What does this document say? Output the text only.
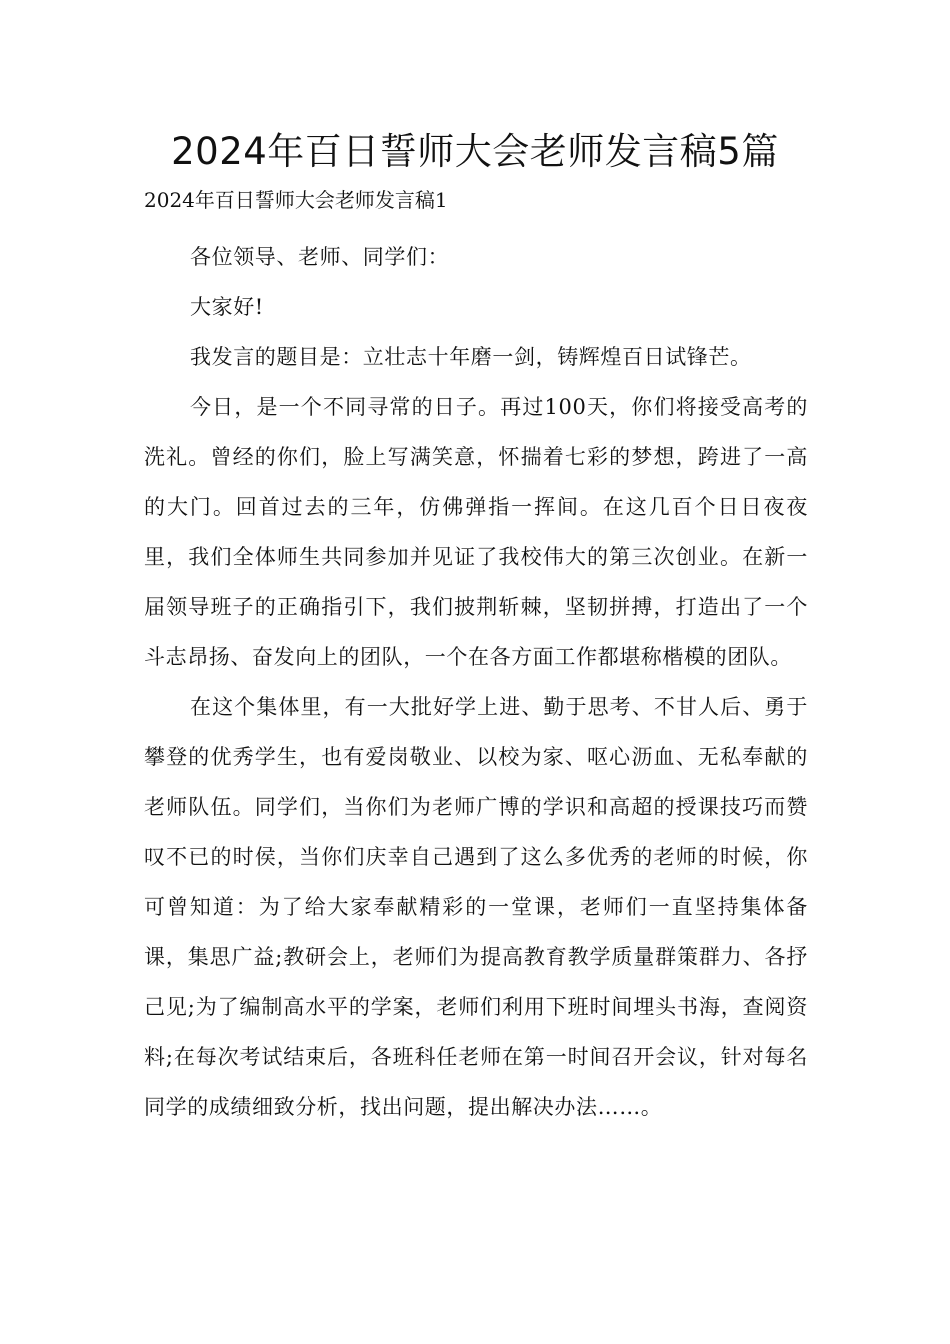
2024年百日誓师大会老师发言稿5篇

2024年百日誓师大会老师发言稿1

各位领导、老师、同学们：

大家好!

我发言的题目是：立壮志十年磨一剑，铸辉煌百日试锋芒。

今日，是一个不同寻常的日子。再过100天，你们将接受高考的洗礼。曾经的你们，脸上写满笑意，怀揣着七彩的梦想，跨进了一高的大门。回首过去的三年，仿佛弹指一挥间。在这几百个日日夜夜里，我们全体师生共同参加并见证了我校伟大的第三次创业。在新一届领导班子的正确指引下，我们披荆斩棘，坚韧拼搏，打造出了一个斗志昂扬、奋发向上的团队，一个在各方面工作都堪称楷模的团队。

在这个集体里，有一大批好学上进、勤于思考、不甘人后、勇于攀登的优秀学生，也有爱岗敬业、以校为家、呕心沥血、无私奉献的老师队伍。同学们，当你们为老师广博的学识和高超的授课技巧而赞叹不已的时侯，当你们庆幸自己遇到了这么多优秀的老师的时候，你可曾知道：为了给大家奉献精彩的一堂课，老师们一直坚持集体备课，集思广益;教研会上，老师们为提高教育教学质量群策群力、各抒己见;为了编制高水平的学案，老师们利用下班时间埋头书海，查阅资料;在每次考试结束后，各班科任老师在第一时间召开会议，针对每名同学的成绩细致分析，找出问题，提出解决办法……。
